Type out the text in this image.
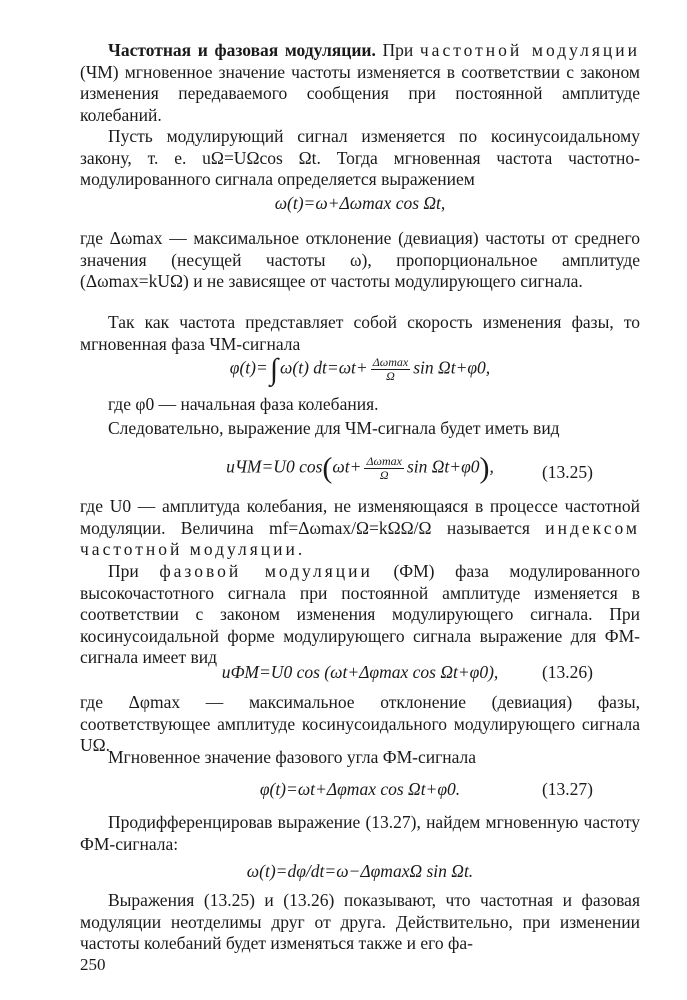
Частотная и фазовая модуляции. При частотной модуляции (ЧМ) мгновенное значение частоты изменяется в соответствии с законом изменения передаваемого сообщения при постоянной амплитуде колебаний.

Пусть модулирующий сигнал изменяется по косинусоидальному закону, т. е. uΩ=UΩcos Ωt. Тогда мгновенная частота частотно-модулированного сигнала определяется выражением

ω(t)=ω+Δωmax cos Ωt,

где Δωmax — максимальное отклонение (девиация) частоты от среднего значения (несущей частоты ω), пропорциональное амплитуде (Δωmax=kUΩ) и не зависящее от частоты модулирующего сигнала.

Так как частота представляет собой скорость изменения фазы, то мгновенная фаза ЧМ-сигнала

φ(t)=∫ ω(t) $dt=\omega t+ \frac{\Delta\omega\max}{\Omega}$ sin Ωt+φ0,

где φ0 — начальная фаза колебания.

Следовательно, выражение для ЧМ-сигнала будет иметь вид

uЧМ=U0 $\cos(\omega t+ \frac{\Delta\omega\max}{\Omega}$ sin Ωt+φ0),	(13.25)

где U0 — амплитуда колебания, не изменяющаяся в процессе частотной модуляции. Величина mf=Δωmax/Ω=kΩΩ/Ω называется индексом частотной модуляции.

При фазовой модуляции (ФМ) фаза модулированного высокочастотного сигнала при постоянной амплитуде изменяется в соответствии с законом изменения модулирующего сигнала. При косинусоидальной форме модулирующего сигнала выражение для ФМ-сигнала имеет вид

uФМ=U0 cos (ωt+Δφmax cos Ωt+φ0), (13.26)

где Δφmax — максимальное отклонение (девиация) фазы, соответствующее амплитуде косинусоидального модулирующего сигнала UΩ.

Мгновенное значение фазового угла ФМ-сигнала

φ(t)=ωt+Δφmax cos Ωt+φ0.	(13.27)

Продифференцировав выражение (13.27), найдем мгновенную частоту ФМ-сигнала:

ω(t)=dφ/dt=ω−ΔφmaxΩ sin Ωt.

Выражения (13.25) и (13.26) показывают, что частотная и фазовая модуляции неотделимы друг от друга. Действительно, при изменении частоты колебаний будет изменяться также и его фа-

250
